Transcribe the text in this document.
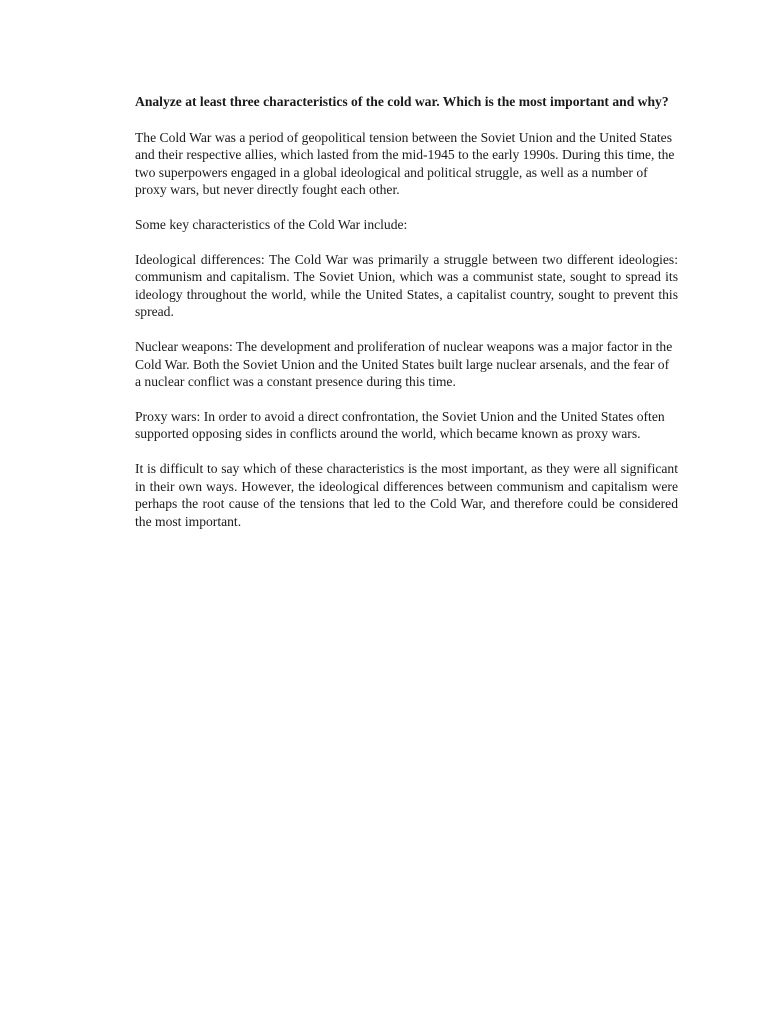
Analyze at least three characteristics of the cold war. Which is the most important and why?

The Cold War was a period of geopolitical tension between the Soviet Union and the United States and their respective allies, which lasted from the mid-1945 to the early 1990s. During this time, the two superpowers engaged in a global ideological and political struggle, as well as a number of proxy wars, but never directly fought each other.

Some key characteristics of the Cold War include:

Ideological differences: The Cold War was primarily a struggle between two different ideologies: communism and capitalism. The Soviet Union, which was a communist state, sought to spread its ideology throughout the world, while the United States, a capitalist country, sought to prevent this spread.

Nuclear weapons: The development and proliferation of nuclear weapons was a major factor in the Cold War. Both the Soviet Union and the United States built large nuclear arsenals, and the fear of a nuclear conflict was a constant presence during this time.

Proxy wars: In order to avoid a direct confrontation, the Soviet Union and the United States often supported opposing sides in conflicts around the world, which became known as proxy wars.

It is difficult to say which of these characteristics is the most important, as they were all significant in their own ways. However, the ideological differences between communism and capitalism were perhaps the root cause of the tensions that led to the Cold War, and therefore could be considered the most important.
